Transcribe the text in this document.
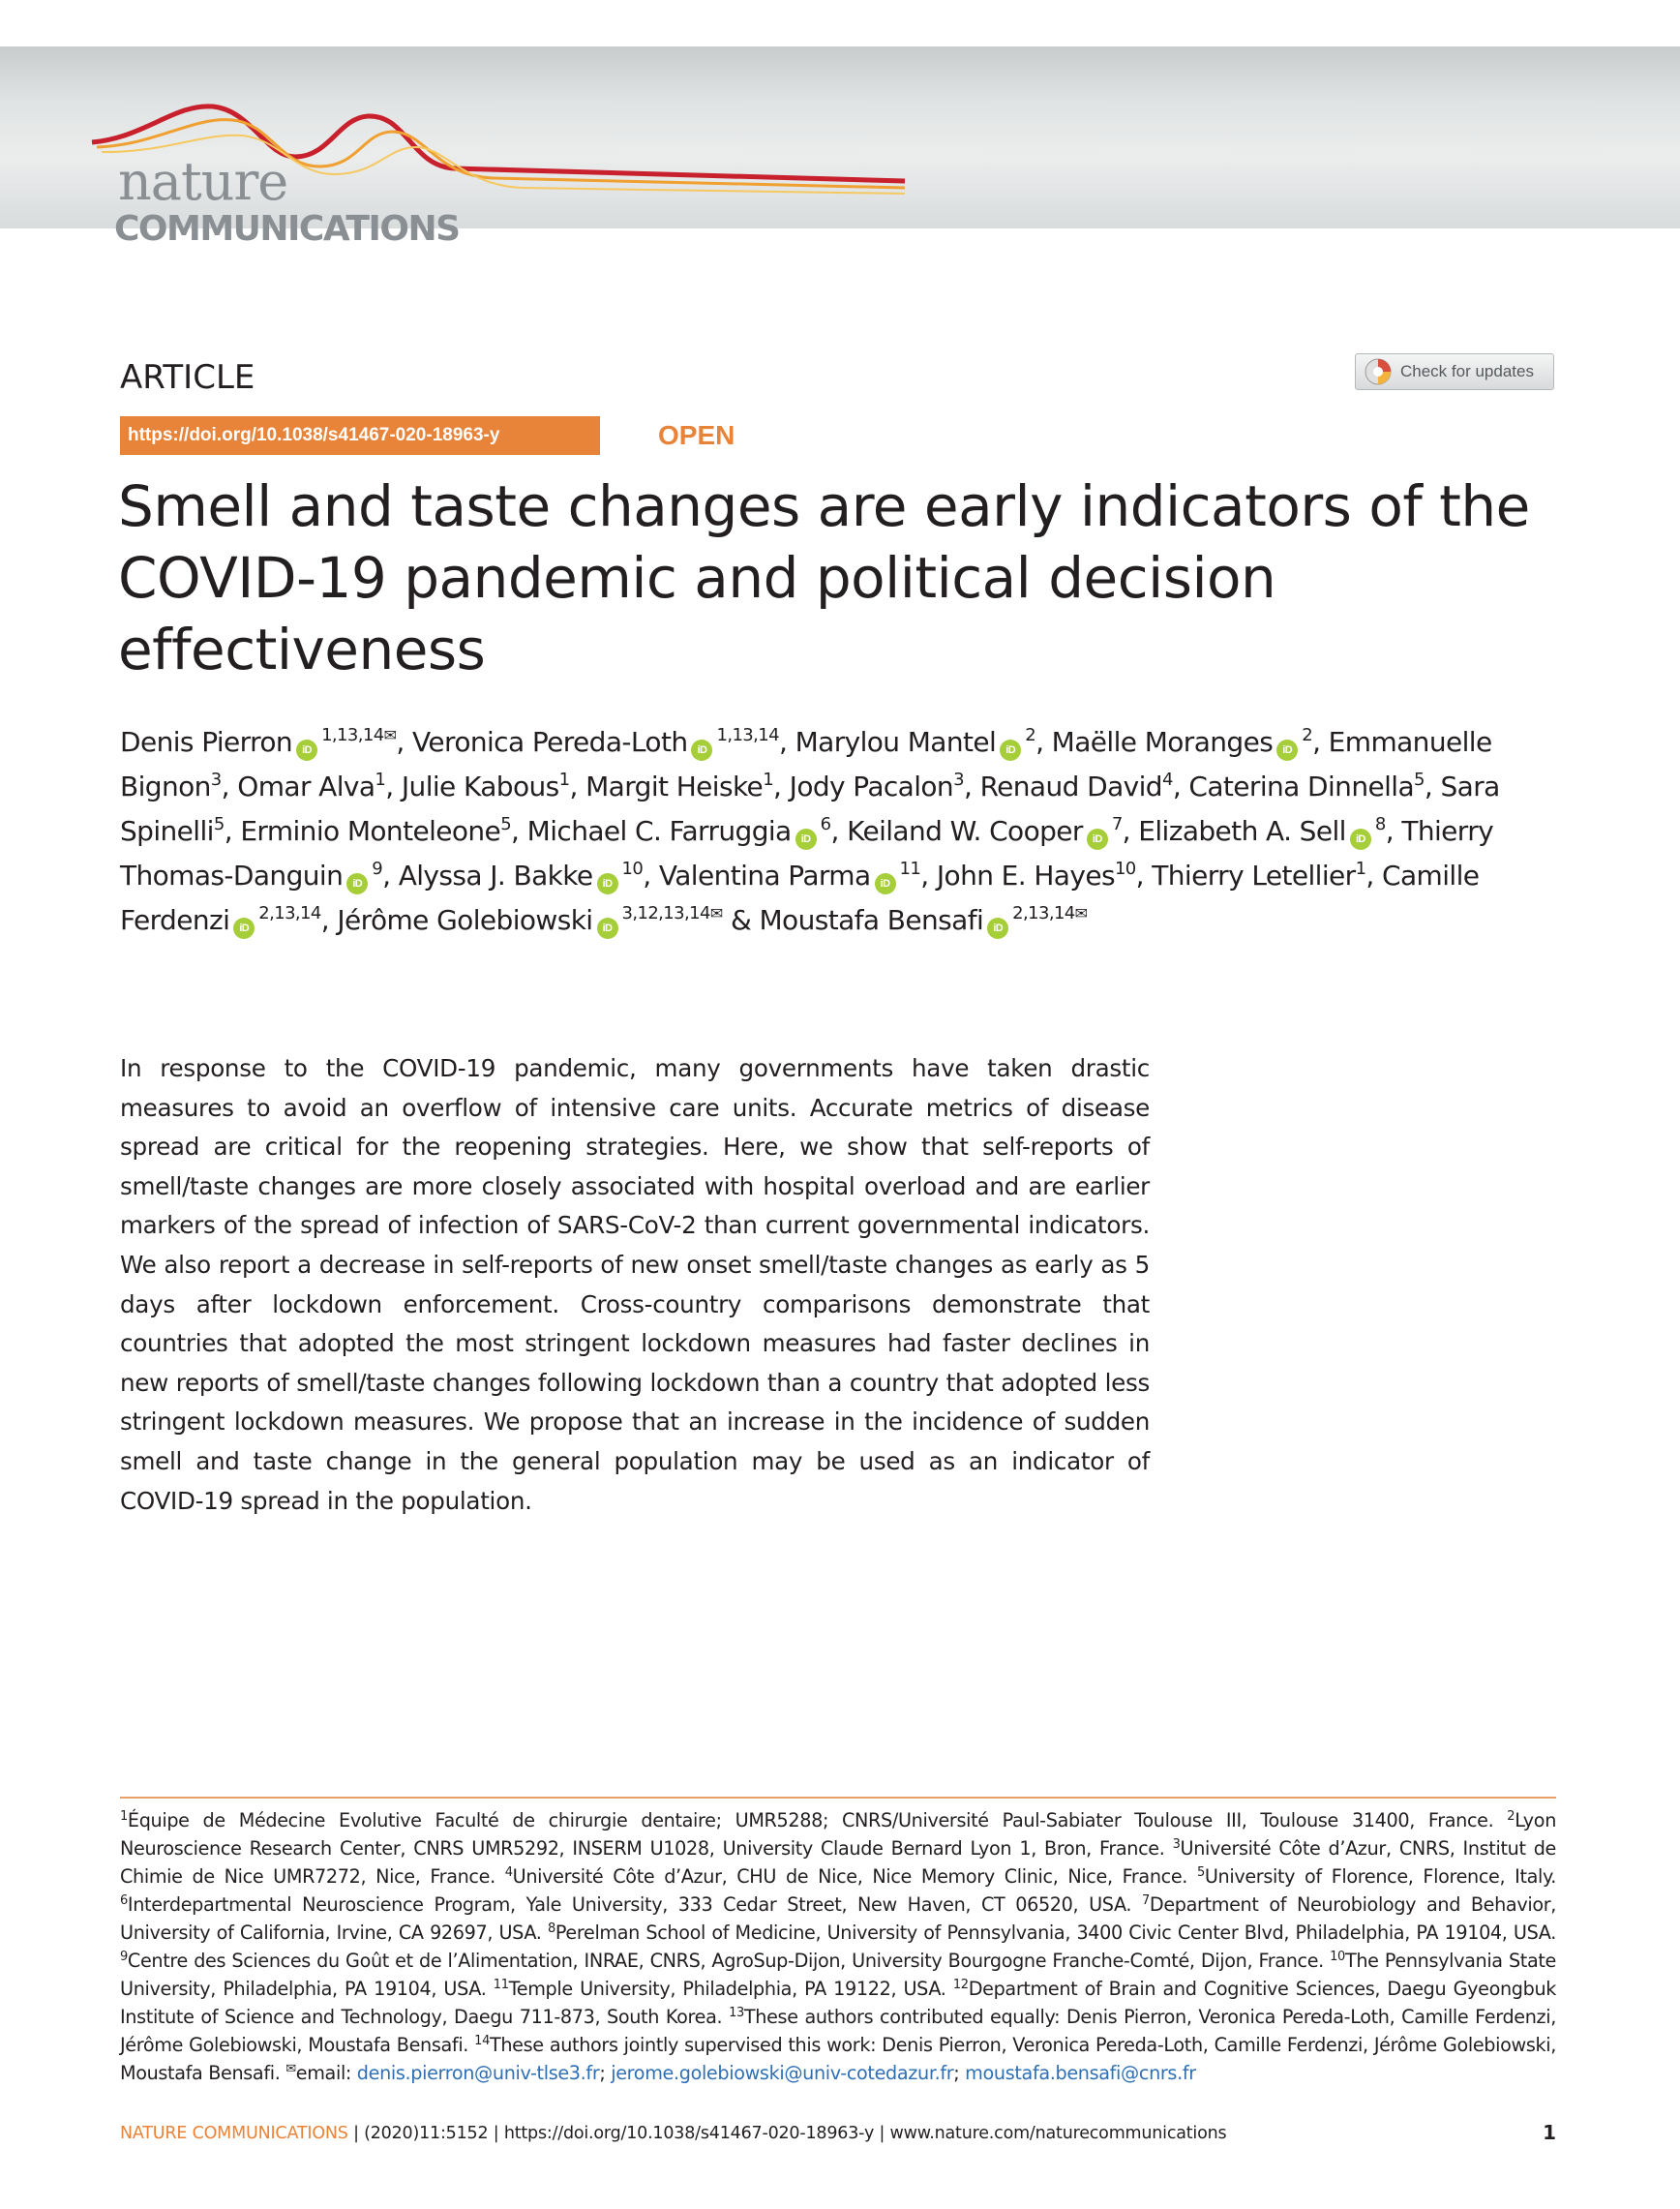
nature
COMMUNICATIONS
ARTICLE	Check for updates
https://doi.org/10.1038/s41467-020-18963-y	OPEN
Smell and taste changes are early indicators of the COVID-19 pandemic and political decision effectiveness
Denis Pierron $iD^{1,13,14✉}$, Veronica Pereda-Loth iD$^{1,13,14}$, Marylou Mantel $iD^2$, Maëlle Moranges $iD^2$, Emmanuelle Bignon$^3$, Omar Alva$^1$, Julie Kabous$^1$, Margit Heiske$^1$, Jody Pacalon$^3$, Renaud David$^4$, Caterina Dinnella$^5$, Sara Spinelli$^5$, Erminio Monteleone$^5$, Michael C. Farruggia $iD^6$, Keiland W. Cooper $iD^7$, Elizabeth A. Sell $iD^8$, Thierry Thomas-Danguin $iD^9$, Alyssa J. Bakke $iD^{10}$, Valentina Parma $iD^{11}$, John E. Hayes$^{10}$, Thierry Letellier$^1$, Camille Ferdenzi iD$^{2,13,14}$, Jérôme Golebiowski $iD^{3,12,13,14✉}$ & Moustafa Bensafi $iD^{2,13,14✉}$

In response to the COVID-19 pandemic, many governments have taken drastic measures to avoid an overflow of intensive care units. Accurate metrics of disease spread are critical for the reopening strategies. Here, we show that self-reports of smell/taste changes are more closely associated with hospital overload and are earlier markers of the spread of infection of SARS-CoV-2 than current governmental indicators. We also report a decrease in self-reports of new onset smell/taste changes as early as 5 days after lockdown enforcement. Cross-country comparisons demonstrate that countries that adopted the most stringent lockdown measures had faster declines in new reports of smell/taste changes following lockdown than a country that adopted less stringent lockdown measures. We propose that an increase in the incidence of sudden smell and taste change in the general population may be used as an indicator of COVID-19 spread in the population.

$^1$Équipe de Médecine Evolutive Faculté de chirurgie dentaire; UMR5288; CNRS/Université Paul-Sabiater Toulouse III, Toulouse 31400, France. $^2$Lyon Neuroscience Research Center, CNRS UMR5292, INSERM U1028, University Claude Bernard Lyon 1, Bron, France. $^3$Université Côte d’Azur, CNRS, Institut de Chimie de Nice UMR7272, Nice, France. $^4$Université Côte d’Azur, CHU de Nice, Nice Memory Clinic, Nice, France. $^5$University of Florence, Florence, Italy. $^6$Interdepartmental Neuroscience Program, Yale University, 333 Cedar Street, New Haven, CT 06520, USA. $^7$Department of Neurobiology and Behavior, University of California, Irvine, CA 92697, USA. $^8$Perelman School of Medicine, University of Pennsylvania, 3400 Civic Center Blvd, Philadelphia, PA 19104, USA. $^9$Centre des Sciences du Goût et de l’Alimentation, INRAE, CNRS, AgroSup-Dijon, University Bourgogne Franche-Comté, Dijon, France. $^{10}$The Pennsylvania State University, Philadelphia, PA 19104, USA. $^{11}$Temple University, Philadelphia, PA 19122, USA. $^{12}$Department of Brain and Cognitive Sciences, Daegu Gyeongbuk Institute of Science and Technology, Daegu 711-873, South Korea. $^{13}$These authors contributed equally: Denis Pierron, Veronica Pereda-Loth, Camille Ferdenzi, Jérôme Golebiowski, Moustafa Bensafi. $^{14}$These authors jointly supervised this work: Denis Pierron, Veronica Pereda-Loth, Camille Ferdenzi, Jérôme Golebiowski, Moustafa Bensafi. ✉email: denis.pierron@univ-tlse3.fr; jerome.golebiowski@univ-cotedazur.fr; moustafa.bensafi@cnrs.fr
NATURE COMMUNICATIONS | (2020)11:5152 | https://doi.org/10.1038/s41467-020-18963-y | www.nature.com/naturecommunications	1
